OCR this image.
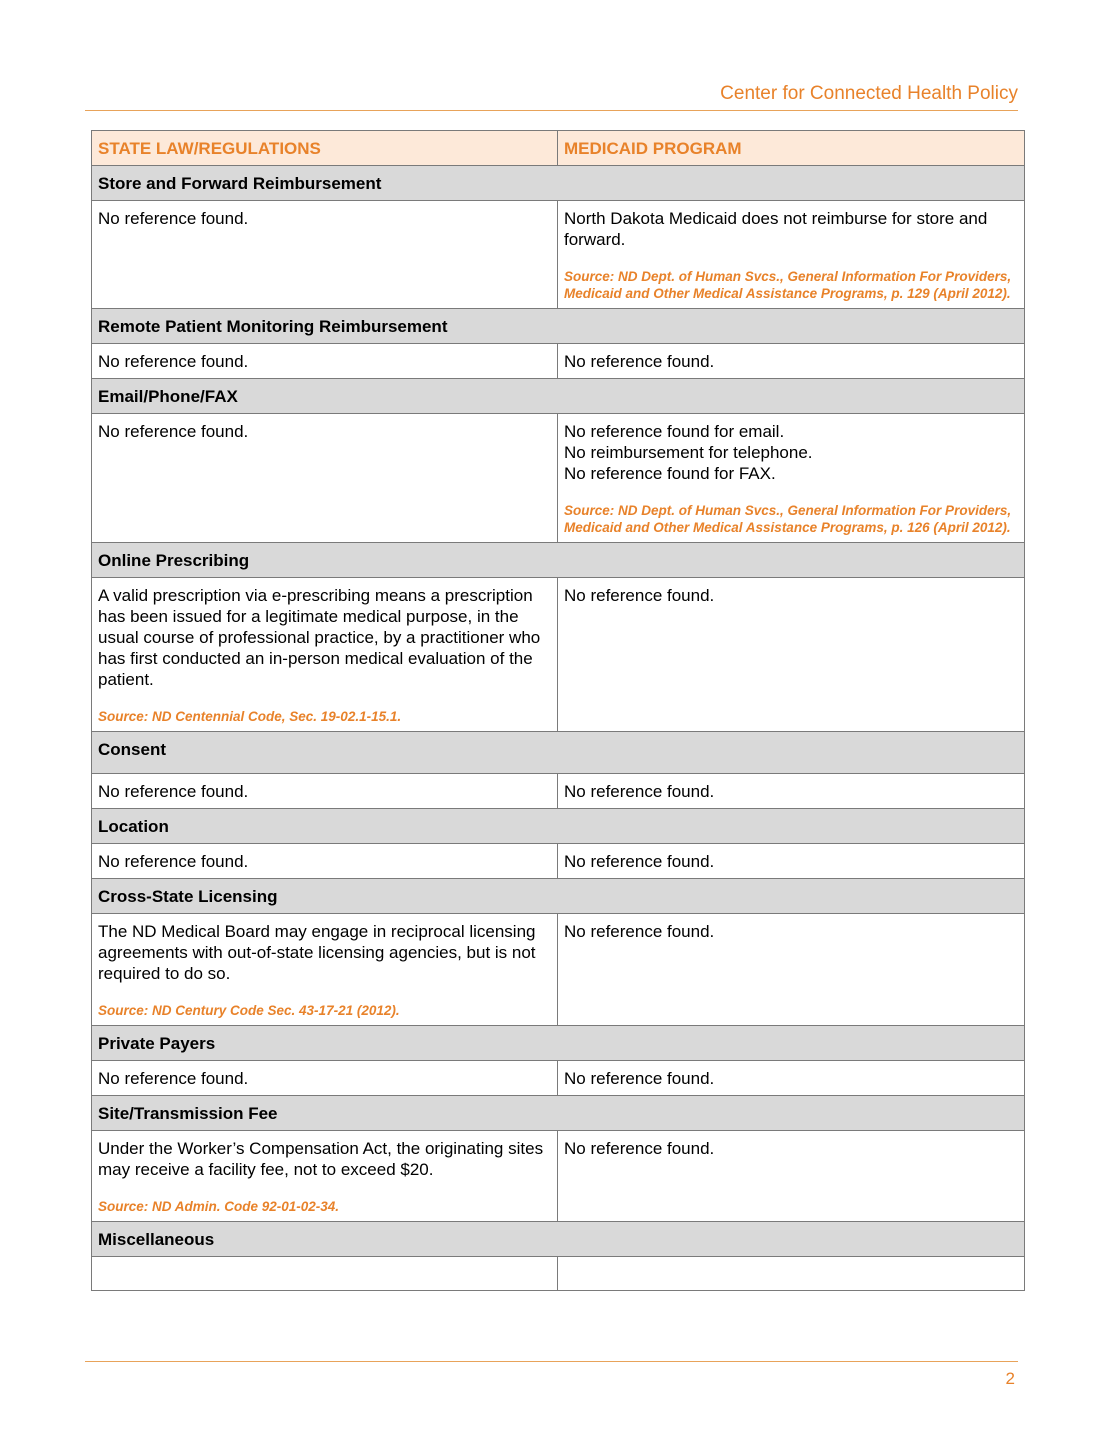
Center for Connected Health Policy
STATE LAW/REGULATIONS	MEDICAID PROGRAM
Store and Forward Reimbursement	

No reference found.	North Dakota Medicaid does not reimburse for store and forward.
Source: ND Dept. of Human Svcs., General Information For Providers, Medicaid and Other Medical Assistance Programs, p. 129 (April 2012).

Remote Patient Monitoring Reimbursement	

No reference found.	No reference found.

Email/Phone/FAX	

No reference found.	No reference found for email.
No reimbursement for telephone.
No reference found for FAX.
Source: ND Dept. of Human Svcs., General Information For Providers, Medicaid and Other Medical Assistance Programs, p. 126 (April 2012).

Online Prescribing	

A valid prescription via e-prescribing means a prescription has been issued for a legitimate medical purpose, in the usual course of professional practice, by a practitioner who has first conducted an in-person medical evaluation of the patient.
Source: ND Centennial Code, Sec. 19-02.1-15.1.	No reference found.

Consent	

No reference found.	No reference found.

Location	

No reference found.	No reference found.

Cross-State Licensing	

The ND Medical Board may engage in reciprocal licensing agreements with out-of-state licensing agencies, but is not required to do so.
Source: ND Century Code Sec. 43-17-21 (2012).	No reference found.

Private Payers	

No reference found.	No reference found.

Site/Transmission Fee	

Under the Worker’s Compensation Act, the originating sites may receive a facility fee, not to exceed $20.
Source: ND Admin. Code 92-01-02-34.	No reference found.

Miscellaneous	

2
